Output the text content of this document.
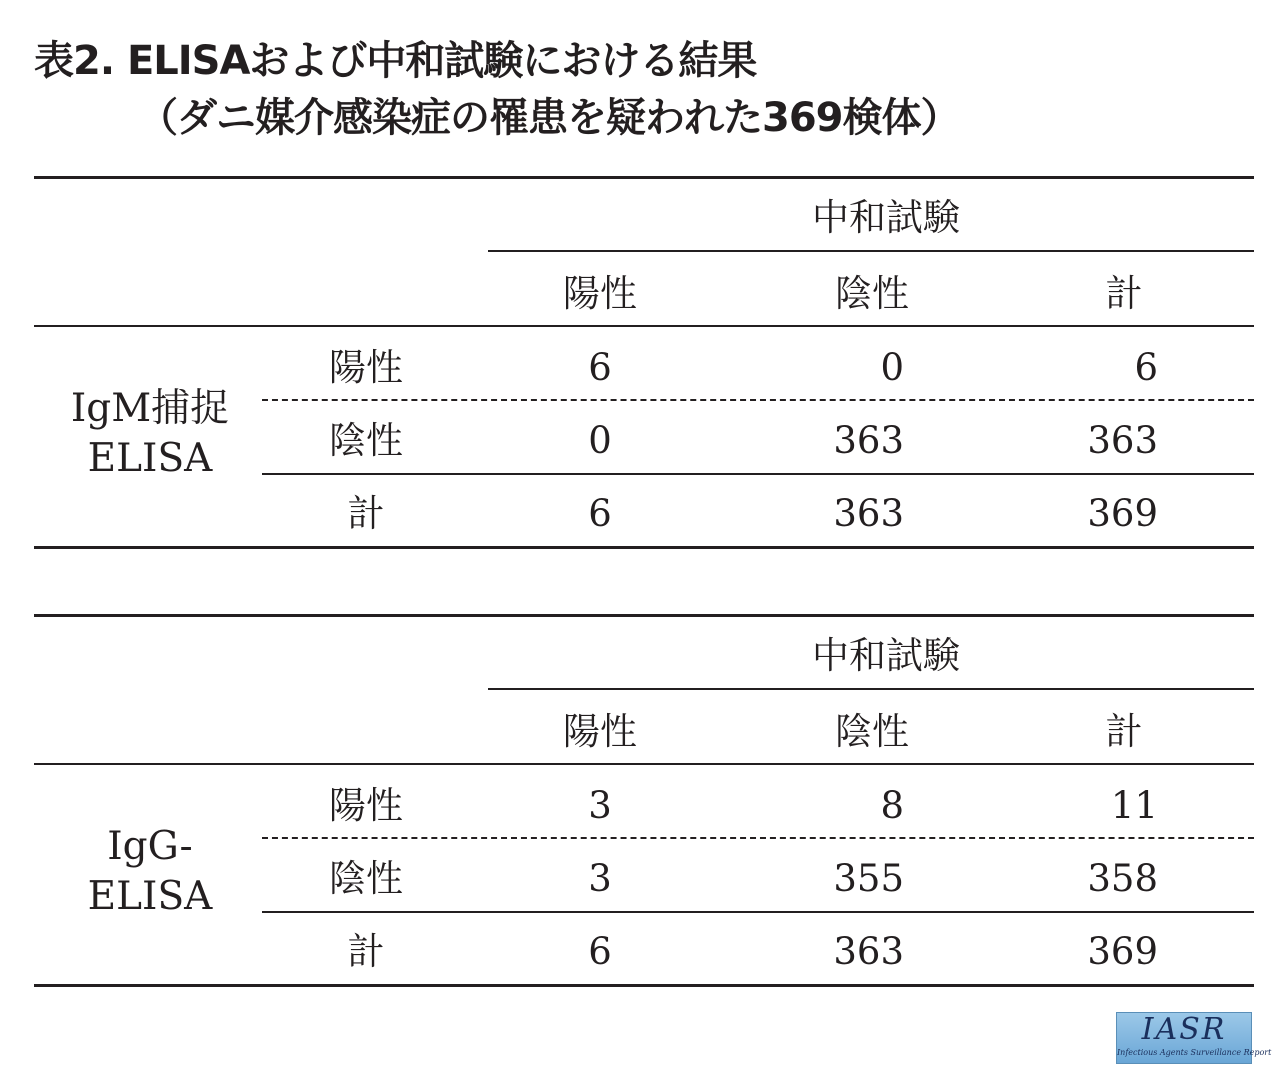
表2. ELISAおよび中和試験における結果
（ダニ媒介感染症の罹患を疑われた369検体）
中和試験
陽性	陰性	計
IgM捕捉
ELISA
陽性	6	0	6
陰性	0	363	363
計	6	363	369
中和試験
陽性	陰性	計
IgG-
ELISA
陽性	3	8	11
陰性	3	355	358
計	6	363	369
IASR
Infectious Agents Surveillance Report
